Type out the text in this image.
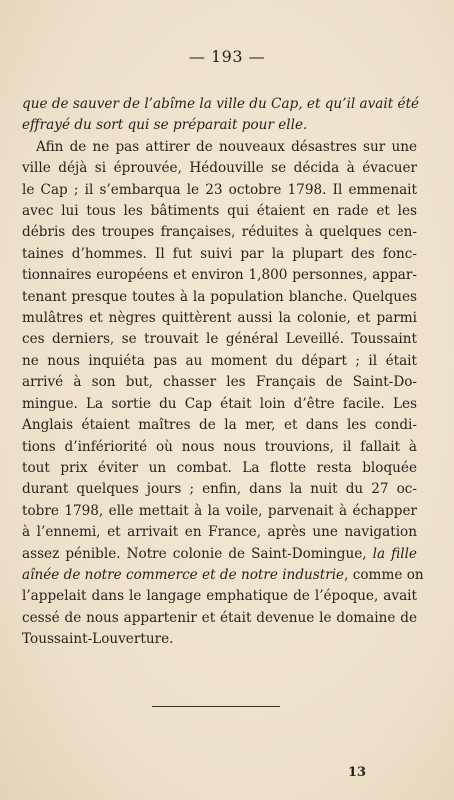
— 193 —
que de sauver de l’abîme la ville du Cap, et qu’il avait été
effrayé du sort qui se préparait pour elle.
Afin de ne pas attirer de nouveaux désastres sur une
ville déjà si éprouvée, Hédouville se décida à évacuer
le Cap ; il s’embarqua le 23 octobre 1798. Il emmenait
avec lui tous les bâtiments qui étaient en rade et les
débris des troupes françaises, réduites à quelques cen-
taines d’hommes. Il fut suivi par la plupart des fonc-
tionnaires européens et environ 1,800 personnes, appar-
tenant presque toutes à la population blanche. Quelques
mulâtres et nègres quittèrent aussi la colonie, et parmi
ces derniers, se trouvait le général Leveillé. Toussaint
ne nous inquiéta pas au moment du départ ; il était
arrivé à son but, chasser les Français de Saint-Do-
mingue. La sortie du Cap était loin d’être facile. Les
Anglais étaient maîtres de la mer, et dans les condi-
tions d’infériorité où nous nous trouvions, il fallait à
tout prix éviter un combat. La flotte resta bloquée
durant quelques jours ; enfin, dans la nuit du 27 oc-
tobre 1798, elle mettait à la voile, parvenait à échapper
à l’ennemi, et arrivait en France, après une navigation
assez pénible. Notre colonie de Saint-Domingue, la fille
aînée de notre commerce et de notre industrie, comme on
l’appelait dans le langage emphatique de l’époque, avait
cessé de nous appartenir et était devenue le domaine de
Toussaint-Louverture.
13
